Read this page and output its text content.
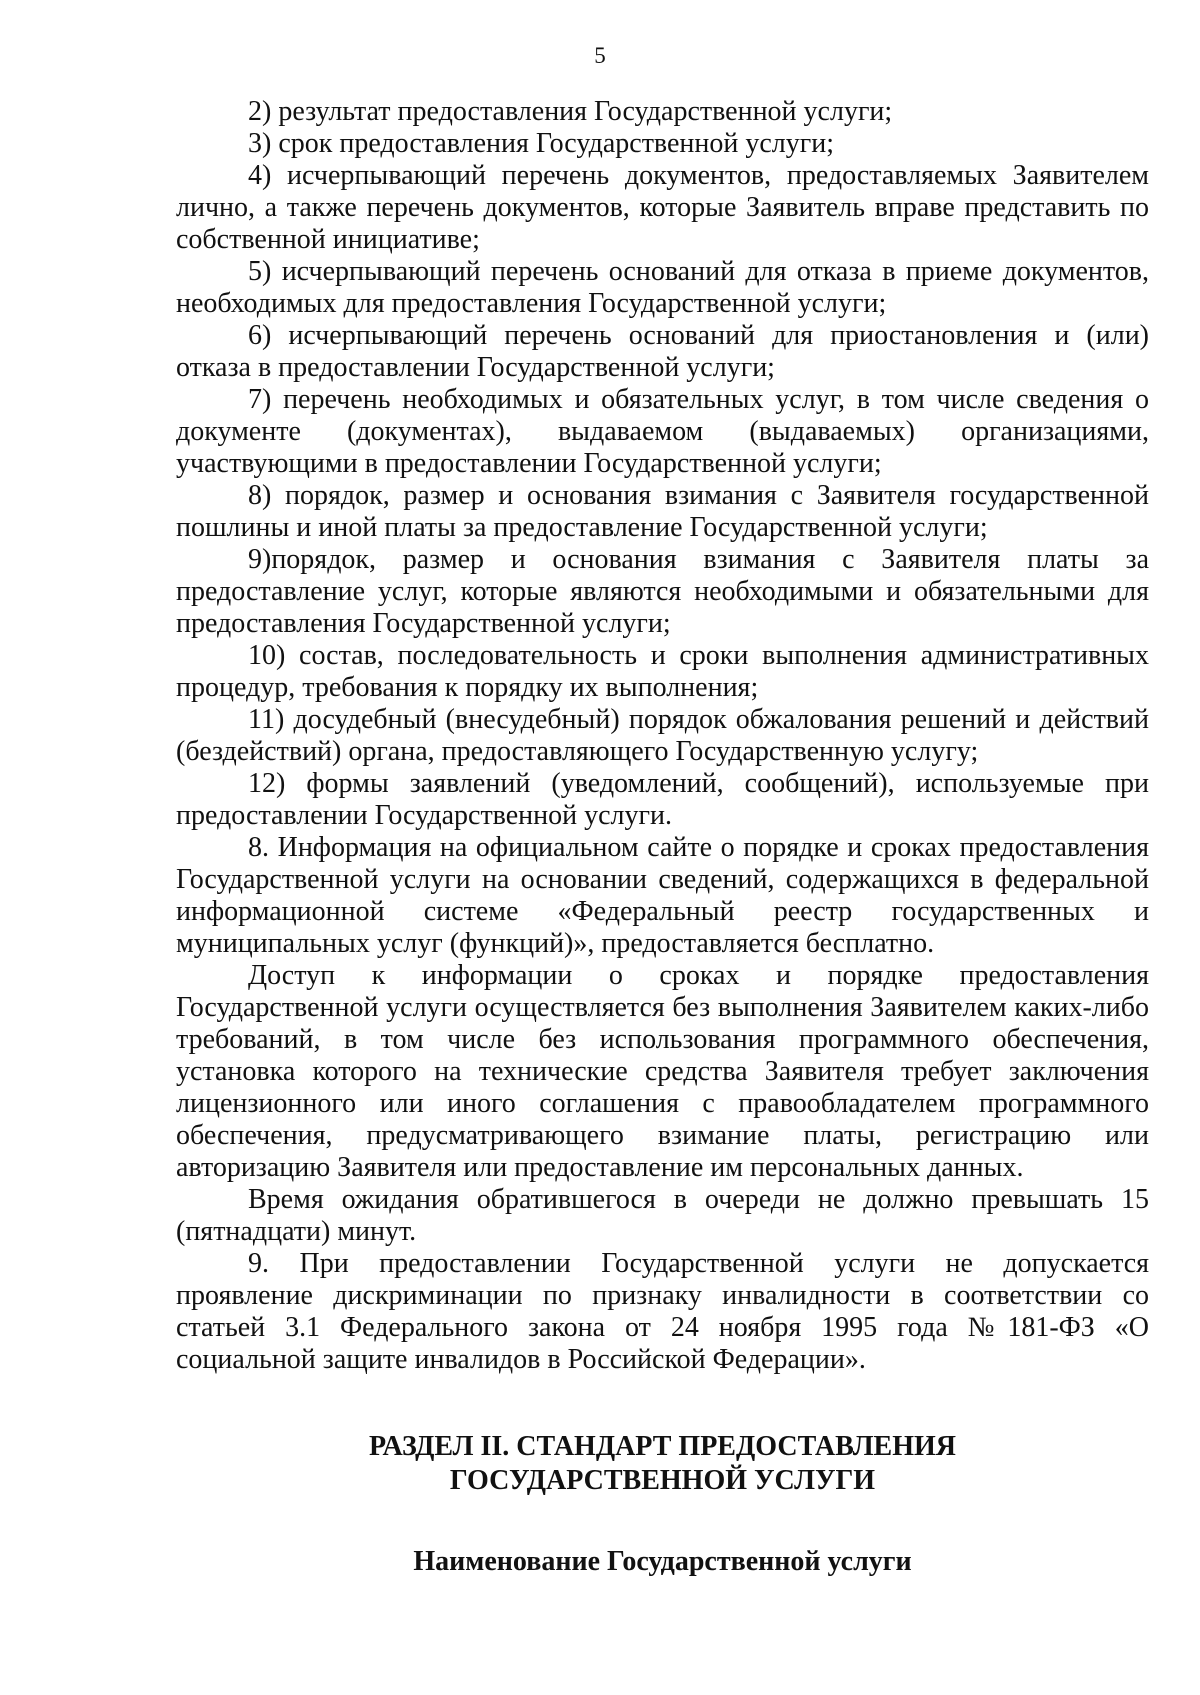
5

2) результат предоставления Государственной услуги;

3) срок предоставления Государственной услуги;

4) исчерпывающий перечень документов, предоставляемых Заявителем лично, а также перечень документов, которые Заявитель вправе представить по собственной инициативе;

5) исчерпывающий перечень оснований для отказа в приеме документов, необходимых для предоставления Государственной услуги;

6) исчерпывающий перечень оснований для приостановления и (или) отказа в предоставлении Государственной услуги;

7) перечень необходимых и обязательных услуг, в том числе сведения о документе (документах), выдаваемом (выдаваемых) организациями, участвующими в предоставлении Государственной услуги;

8) порядок, размер и основания взимания с Заявителя государственной пошлины и иной платы за предоставление Государственной услуги;

9)порядок, размер и основания взимания с Заявителя платы за предоставление услуг, которые являются необходимыми и обязательными для предоставления Государственной услуги;

10) состав, последовательность и сроки выполнения административных процедур, требования к порядку их выполнения;

11) досудебный (внесудебный) порядок обжалования решений и действий (бездействий) органа, предоставляющего Государственную услугу;

12) формы заявлений (уведомлений, сообщений), используемые при предоставлении Государственной услуги.

8. Информация на официальном сайте о порядке и сроках предоставления Государственной услуги на основании сведений, содержащихся в федеральной информационной системе «Федеральный реестр государственных и муниципальных услуг (функций)», предоставляется бесплатно.

Доступ к информации о сроках и порядке предоставления Государственной услуги осуществляется без выполнения Заявителем каких-либо требований, в том числе без использования программного обеспечения, установка которого на технические средства Заявителя требует заключения лицензионного или иного соглашения с правообладателем программного обеспечения, предусматривающего взимание платы, регистрацию или авторизацию Заявителя или предоставление им персональных данных.

Время ожидания обратившегося в очереди не должно превышать 15 (пятнадцати) минут.

9. При предоставлении Государственной услуги не допускается проявление дискриминации по признаку инвалидности в соответствии со статьей 3.1 Федерального закона от 24 ноября 1995 года №181-ФЗ «О социальной защите инвалидов в Российской Федерации».

РАЗДЕЛ II. СТАНДАРТ ПРЕДОСТАВЛЕНИЯ

ГОСУДАРСТВЕННОЙ УСЛУГИ

Наименование Государственной услуги
